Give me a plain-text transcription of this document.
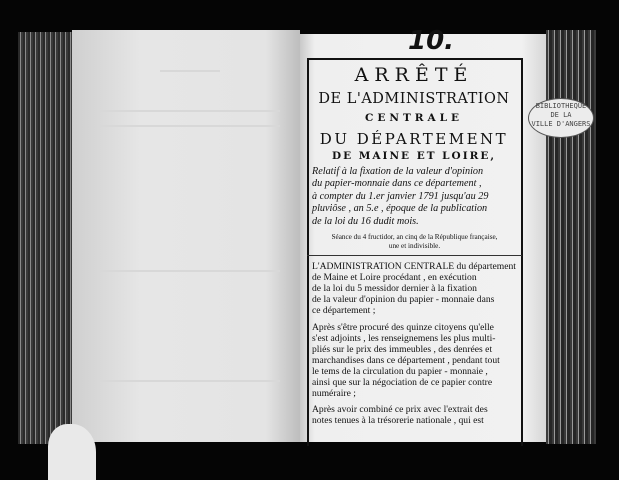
10.
ARRÊTÉ
DE L'ADMINISTRATION
CENTRALE
DU DÉPARTEMENT
DE MAINE ET LOIRE,
BIBLIOTHEQUE
DE LA
VILLE D'ANGERS
Relatif à la fixation de la valeur d'opinion
du papier-monnaie dans ce département ,
à compter du 1.er janvier 1791 jusqu'au 29
pluviôse , an 5.e , époque de la publication
de la loi du 16 dudit mois.
Séance du 4 fructidor, an cinq de la République française,
une et indivisible.
L'ADMINISTRATION CENTRALE du département
de Maine et Loire procédant , en exécution
de la loi du 5 messidor dernier à la fixation
de la valeur d'opinion du papier - monnaie dans
ce département ;
Après s'être procuré des quinze citoyens qu'elle
s'est adjoints , les renseignemens les plus multi-
pliés sur le prix des immeubles , des denrées et
marchandises dans ce département , pendant tout
le tems de la circulation du papier - monnaie ,
ainsi que sur la négociation de ce papier contre
numéraire ;
Après avoir combiné ce prix avec l'extrait des
notes tenues à la trésorerie nationale , qui est
